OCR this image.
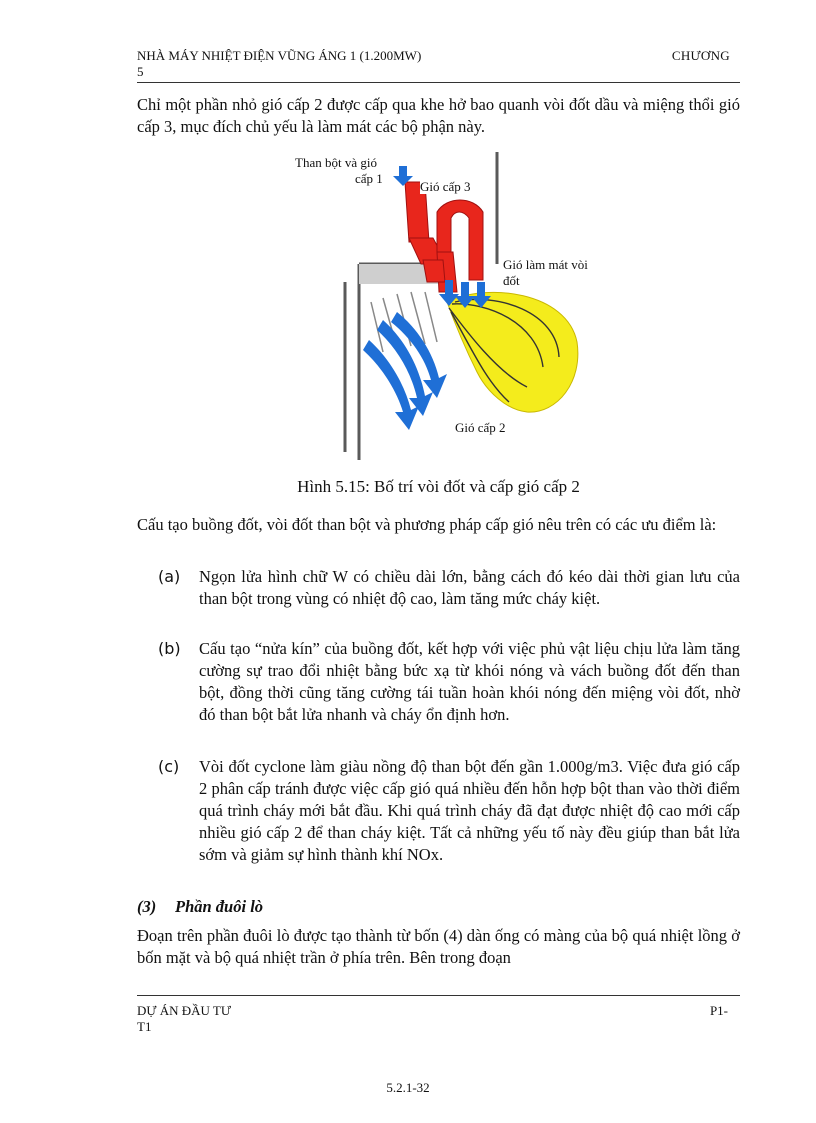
NHÀ MÁY NHIỆT ĐIỆN VŨNG ÁNG 1 (1.200MW)	CHƯƠNG
5
Chỉ một phần nhỏ gió cấp 2 được cấp qua khe hở bao quanh vòi đốt dầu và miệng thổi gió cấp 3, mục đích chủ yếu là làm mát các bộ phận này.
Than bột và gió
cấp 1
Gió cấp 3
Gió làm mát vòi
đốt
Gió cấp 2
Hình 5.15: Bố trí vòi đốt và cấp gió cấp 2
Cấu tạo buồng đốt, vòi đốt than bột và phương pháp cấp gió nêu trên có các ưu điểm là:
(a) Ngọn lửa hình chữ W có chiều dài lớn, bằng cách đó kéo dài thời gian lưu của than bột trong vùng có nhiệt độ cao, làm tăng mức cháy kiệt.
(b) Cấu tạo “nửa kín” của buồng đốt, kết hợp với việc phủ vật liệu chịu lửa làm tăng cường sự trao đổi nhiệt bằng bức xạ từ khói nóng và vách buồng đốt đến than bột, đồng thời cũng tăng cường tái tuần hoàn khói nóng đến miệng vòi đốt, nhờ đó than bột bắt lửa nhanh và cháy ổn định hơn.
(c) Vòi đốt cyclone làm giàu nồng độ than bột đến gần 1.000g/m3. Việc đưa gió cấp 2 phân cấp tránh được việc cấp gió quá nhiều đến hỗn hợp bột than vào thời điểm quá trình cháy mới bắt đầu. Khi quá trình cháy đã đạt được nhiệt độ cao mới cấp nhiều gió cấp 2 để than cháy kiệt. Tất cả những yếu tố này đều giúp than bắt lửa sớm và giảm sự hình thành khí NOx.
(3) Phần đuôi lò
Đoạn trên phần đuôi lò được tạo thành từ bốn (4) dàn ống có màng của bộ quá nhiệt lồng ở bốn mặt và bộ quá nhiệt trần ở phía trên. Bên trong đoạn
DỰ ÁN ĐẦU TƯ	P1-
T1
5.2.1-32
